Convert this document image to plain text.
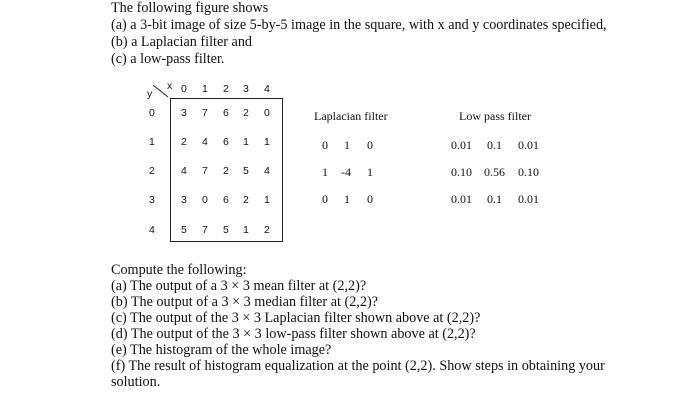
The following figure shows
(a) a 3-bit image of size 5-by-5 image in the square, with x and y coordinates specified,
(b) a Laplacian filter and
(c) a low-pass filter.
x
y	0 1 2 3 4
0
1
2
3
4
3 7 6 2 0
2 4 6 1 1
4 7 2 5 4
3 0 6 2 1
5 7 5 1 2
Laplacian filter
0 1 0
1 -4 1
0 1 0
Low pass filter
0.01 0.1 0.01
0.10 0.56 0.10
0.01 0.1 0.01
Compute the following:
(a) The output of a 3 × 3 mean filter at (2,2)?
(b) The output of a 3 × 3 median filter at (2,2)?
(c) The output of the 3 × 3 Laplacian filter shown above at (2,2)?
(d) The output of the 3 × 3 low-pass filter shown above at (2,2)?
(e) The histogram of the whole image?
(f) The result of histogram equalization at the point (2,2). Show steps in obtaining your
solution.
